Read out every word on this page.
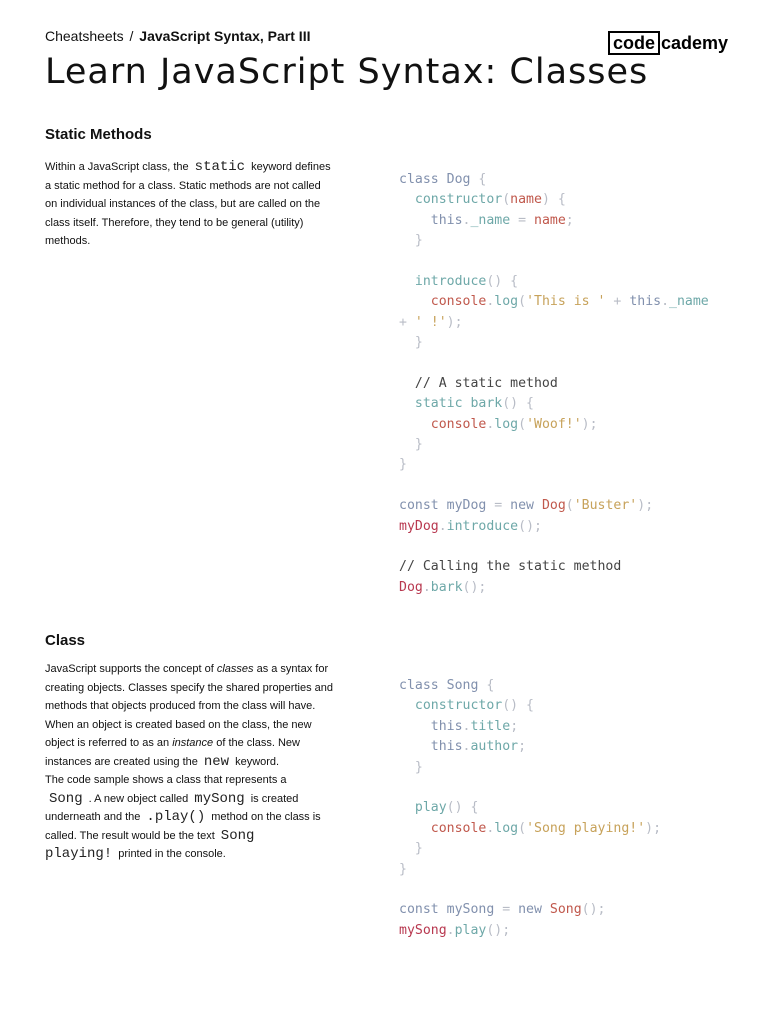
Cheatsheets / JavaScript Syntax, Part III	code cademy
Learn JavaScript Syntax: Classes
Static Methods

Within a JavaScript class, the static keyword defines a static method for a class. Static methods are not called on individual instances of the class, but are called on the class itself. Therefore, they tend to be general (utility) methods.

class Dog {
constructor(name) {
this._name = name;
}

introduce() {
console.log('This is ' + this._name
+ ' !');
}

// A static method
static bark() {
console.log('Woof!');
}
}

const myDog = new Dog('Buster');
myDog.introduce();

// Calling the static method
Dog.bark();
Class

JavaScript supports the concept of classes as a syntax for creating objects. Classes specify the shared properties and methods that objects produced from the class will have.

When an object is created based on the class, the new object is referred to as an instance of the class. New instances are created using the new keyword.

The code sample shows a class that represents a
Song . A new object called mySong is created underneath and the .play() method on the class is called. The result would be the text Song playing! printed in the console.

class Song {
constructor() {
this.title;
this.author;
}

play() {
console.log('Song playing!');
}
}

const mySong = new Song();
mySong.play();
